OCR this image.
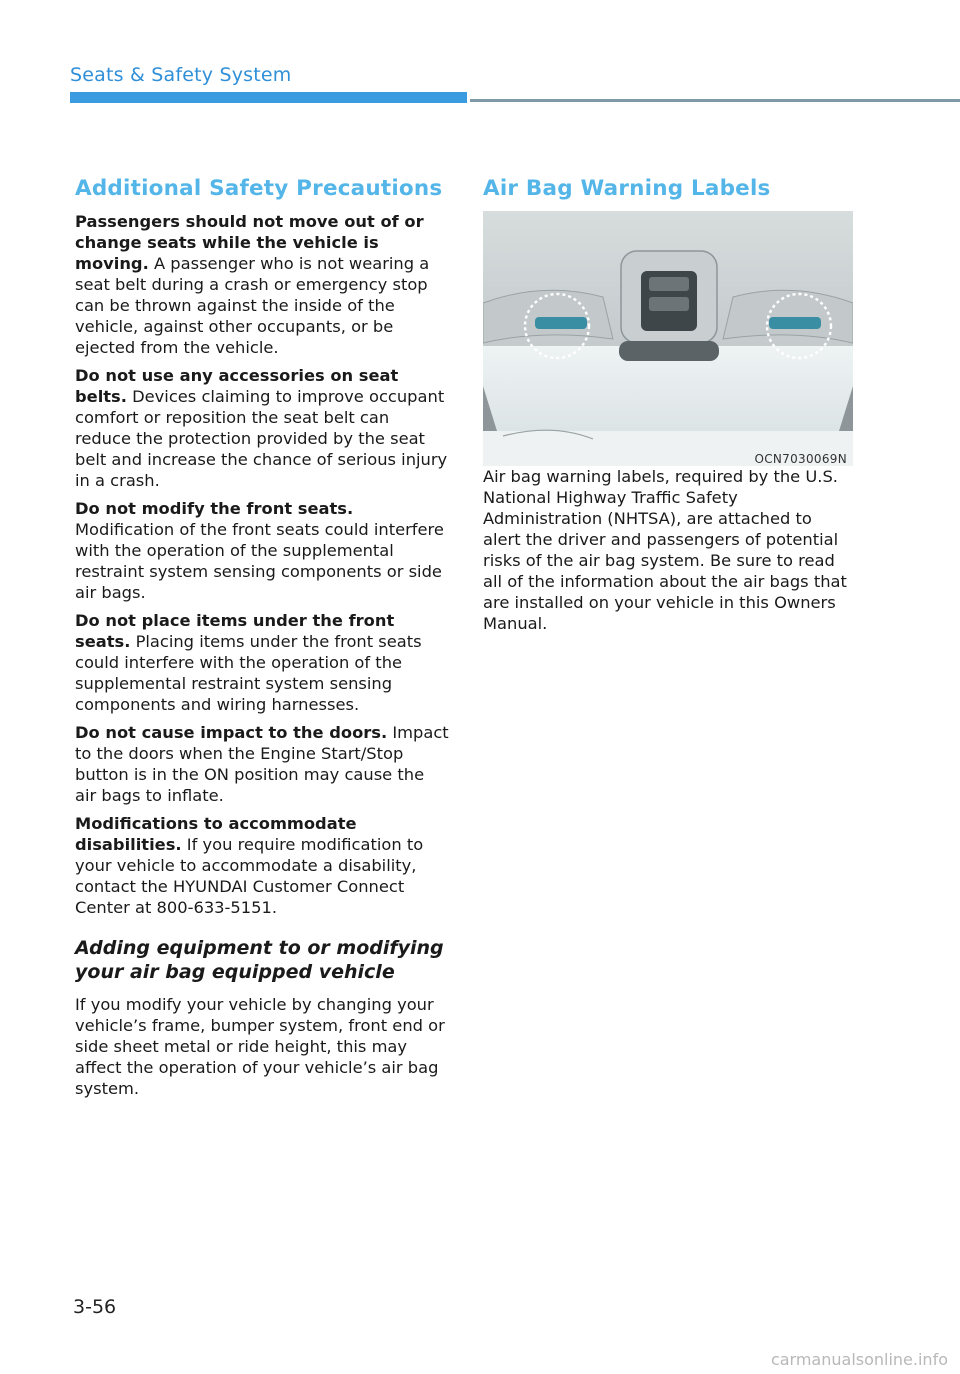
Seats & Safety System
Additional Safety Precautions

Passengers should not move out of or change seats while the vehicle is moving. A passenger who is not wearing a seat belt during a crash or emergency stop can be thrown against the inside of the vehicle, against other occupants, or be ejected from the vehicle.

Do not use any accessories on seat belts. Devices claiming to improve occupant comfort or reposition the seat belt can reduce the protection provided by the seat belt and increase the chance of serious injury in a crash.

Do not modify the front seats. Modification of the front seats could interfere with the operation of the supplemental restraint system sensing components or side air bags.

Do not place items under the front seats. Placing items under the front seats could interfere with the operation of the supplemental restraint system sensing components and wiring harnesses.

Do not cause impact to the doors. Impact to the doors when the Engine Start/Stop button is in the ON position may cause the air bags to inflate.

Modifications to accommodate disabilities. If you require modification to your vehicle to accommodate a disability, contact the HYUNDAI Customer Connect Center at 800-633-5151.

Adding equipment to or modifying your air bag equipped vehicle

If you modify your vehicle by changing your vehicle’s frame, bumper system, front end or side sheet metal or ride height, this may affect the operation of your vehicle’s air bag system.

Air Bag Warning Labels
OCN7030069N

Air bag warning labels, required by the U.S. National Highway Traffic Safety Administration (NHTSA), are attached to alert the driver and passengers of potential risks of the air bag system. Be sure to read all of the information about the air bags that are installed on your vehicle in this Owners Manual.

3-56
carmanualsonline.info
